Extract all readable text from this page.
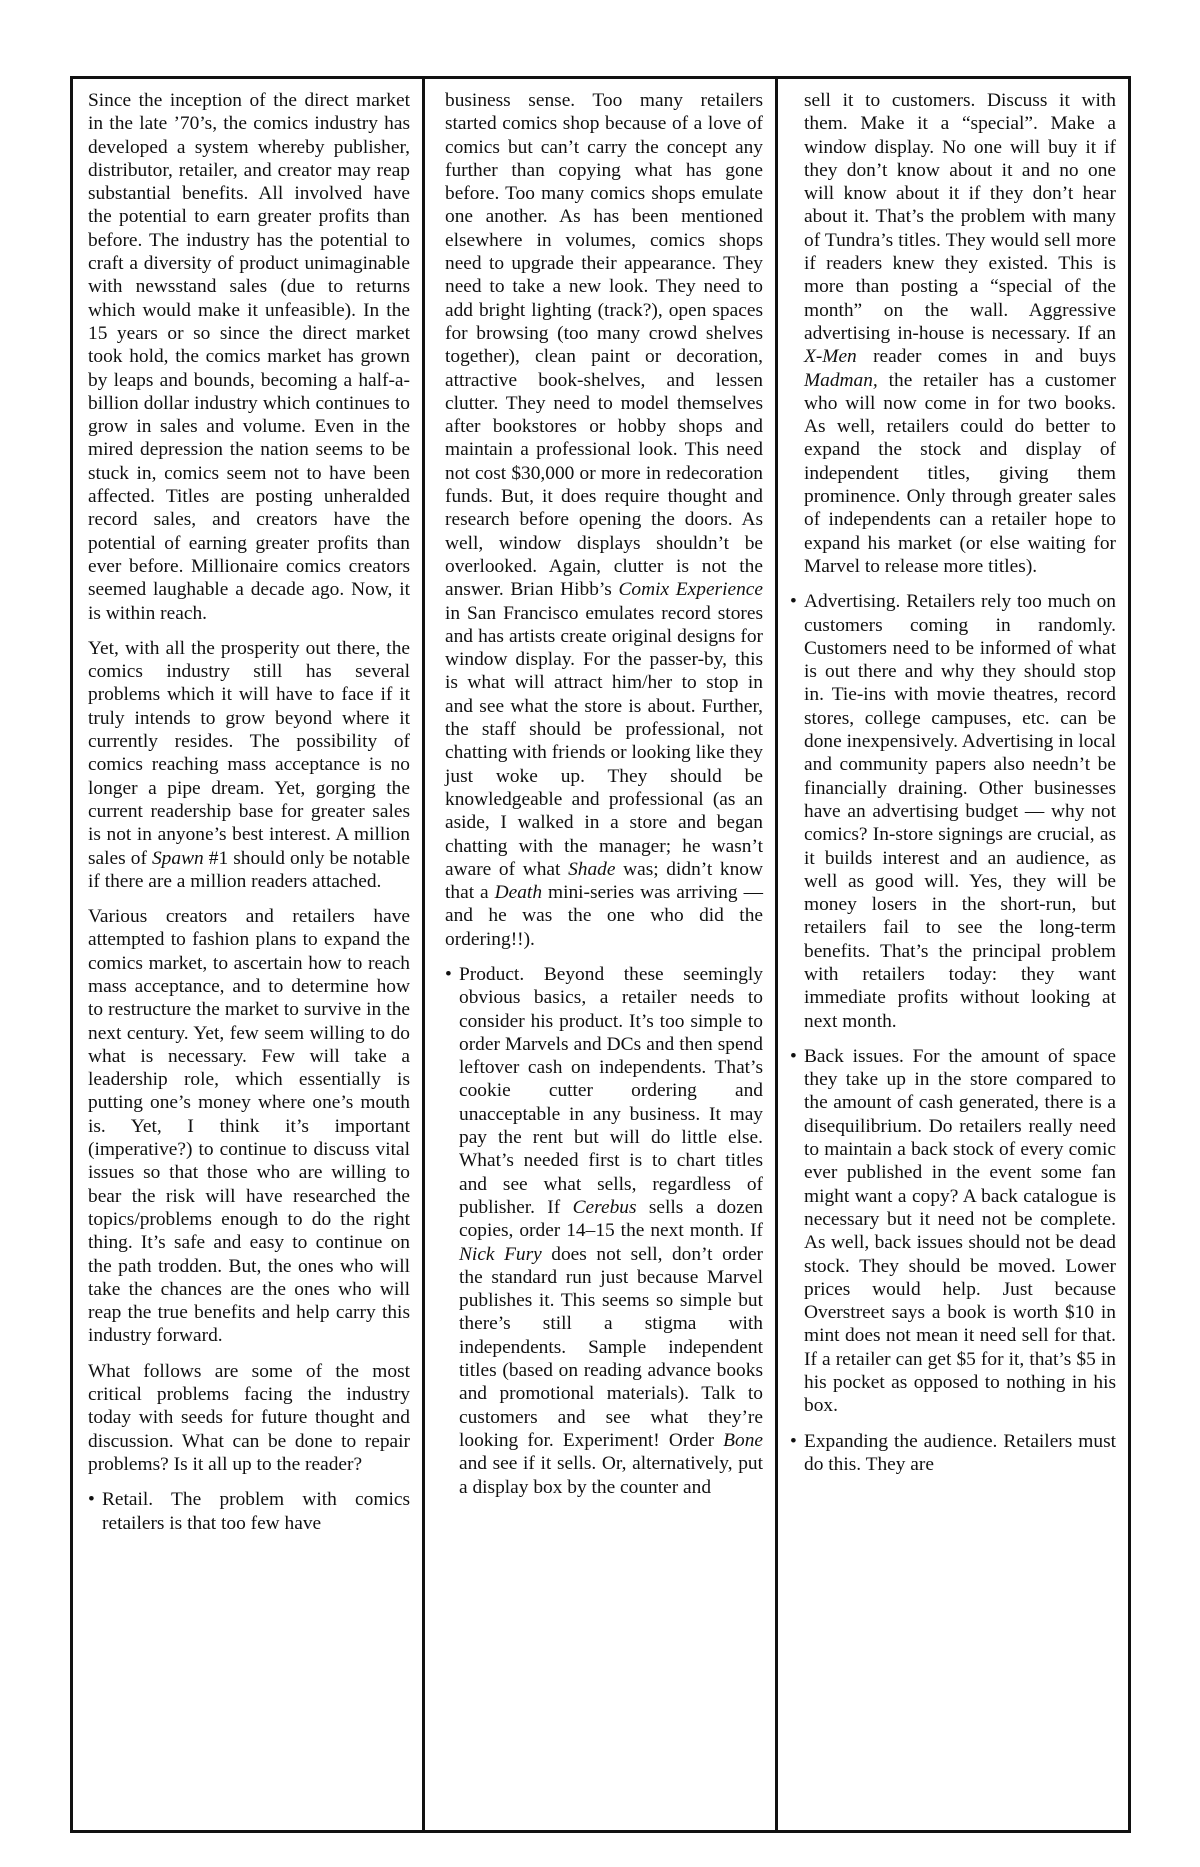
Since the inception of the direct market in the late ’70’s, the comics industry has developed a system whereby publisher, distributor, retailer, and creator may reap substantial benefits. All involved have the potential to earn greater profits than before. The industry has the potential to craft a diversity of product unimaginable with newsstand sales (due to returns which would make it unfeasible). In the 15 years or so since the direct market took hold, the comics market has grown by leaps and bounds, becoming a half-a-billion dollar industry which continues to grow in sales and volume. Even in the mired depression the nation seems to be stuck in, comics seem not to have been affected. Titles are posting unheralded record sales, and creators have the potential of earning greater profits than ever before. Millionaire comics creators seemed laughable a decade ago. Now, it is within reach.

Yet, with all the prosperity out there, the comics industry still has several problems which it will have to face if it truly intends to grow beyond where it currently resides. The possibility of comics reaching mass acceptance is no longer a pipe dream. Yet, gorging the current readership base for greater sales is not in anyone’s best interest. A million sales of Spawn #1 should only be notable if there are a million readers attached.

Various creators and retailers have attempted to fashion plans to expand the comics market, to ascertain how to reach mass acceptance, and to determine how to restructure the market to survive in the next century. Yet, few seem willing to do what is necessary. Few will take a leadership role, which essentially is putting one’s money where one’s mouth is. Yet, I think it’s important (imperative?) to continue to discuss vital issues so that those who are willing to bear the risk will have researched the topics/problems enough to do the right thing. It’s safe and easy to continue on the path trodden. But, the ones who will take the chances are the ones who will reap the true benefits and help carry this industry forward.

What follows are some of the most critical problems facing the industry today with seeds for future thought and discussion. What can be done to repair problems? Is it all up to the reader?

• Retail. The problem with comics retailers is that too few have

business sense. Too many retailers started comics shop because of a love of comics but can’t carry the concept any further than copying what has gone before. Too many comics shops emulate one another. As has been mentioned elsewhere in volumes, comics shops need to upgrade their appearance. They need to take a new look. They need to add bright lighting (track?), open spaces for browsing (too many crowd shelves together), clean paint or decoration, attractive book-shelves, and lessen clutter. They need to model themselves after bookstores or hobby shops and maintain a professional look. This need not cost $30,000 or more in redecoration funds. But, it does require thought and research before opening the doors. As well, window displays shouldn’t be overlooked. Again, clutter is not the answer. Brian Hibb’s Comix Experience in San Francisco emulates record stores and has artists create original designs for window display. For the passer-by, this is what will attract him/her to stop in and see what the store is about. Further, the staff should be professional, not chatting with friends or looking like they just woke up. They should be knowledgeable and professional (as an aside, I walked in a store and began chatting with the manager; he wasn’t aware of what Shade was; didn’t know that a Death mini-series was arriving — and he was the one who did the ordering!!).

• Product. Beyond these seemingly obvious basics, a retailer needs to consider his product. It’s too simple to order Marvels and DCs and then spend leftover cash on independents. That’s cookie cutter ordering and unacceptable in any business. It may pay the rent but will do little else. What’s needed first is to chart titles and see what sells, regardless of publisher. If Cerebus sells a dozen copies, order 14–15 the next month. If Nick Fury does not sell, don’t order the standard run just because Marvel publishes it. This seems so simple but there’s still a stigma with independents. Sample independent titles (based on reading advance books and promotional materials). Talk to customers and see what they’re looking for. Experiment! Order Bone and see if it sells. Or, alternatively, put a display box by the counter and

sell it to customers. Discuss it with them. Make it a “special”. Make a window display. No one will buy it if they don’t know about it and no one will know about it if they don’t hear about it. That’s the problem with many of Tundra’s titles. They would sell more if readers knew they existed. This is more than posting a “special of the month” on the wall. Aggressive advertising in-house is necessary. If an X-Men reader comes in and buys Madman, the retailer has a customer who will now come in for two books. As well, retailers could do better to expand the stock and display of independent titles, giving them prominence. Only through greater sales of independents can a retailer hope to expand his market (or else waiting for Marvel to release more titles).

• Advertising. Retailers rely too much on customers coming in randomly. Customers need to be informed of what is out there and why they should stop in. Tie-ins with movie theatres, record stores, college campuses, etc. can be done inexpensively. Advertising in local and community papers also needn’t be financially draining. Other businesses have an advertising budget — why not comics? In-store signings are crucial, as it builds interest and an audience, as well as good will. Yes, they will be money losers in the short-run, but retailers fail to see the long-term benefits. That’s the principal problem with retailers today: they want immediate profits without looking at next month.

• Back issues. For the amount of space they take up in the store compared to the amount of cash generated, there is a disequilibrium. Do retailers really need to maintain a back stock of every comic ever published in the event some fan might want a copy? A back catalogue is necessary but it need not be complete. As well, back issues should not be dead stock. They should be moved. Lower prices would help. Just because Overstreet says a book is worth $10 in mint does not mean it need sell for that. If a retailer can get $5 for it, that’s $5 in his pocket as opposed to nothing in his box.

• Expanding the audience. Retailers must do this. They are
